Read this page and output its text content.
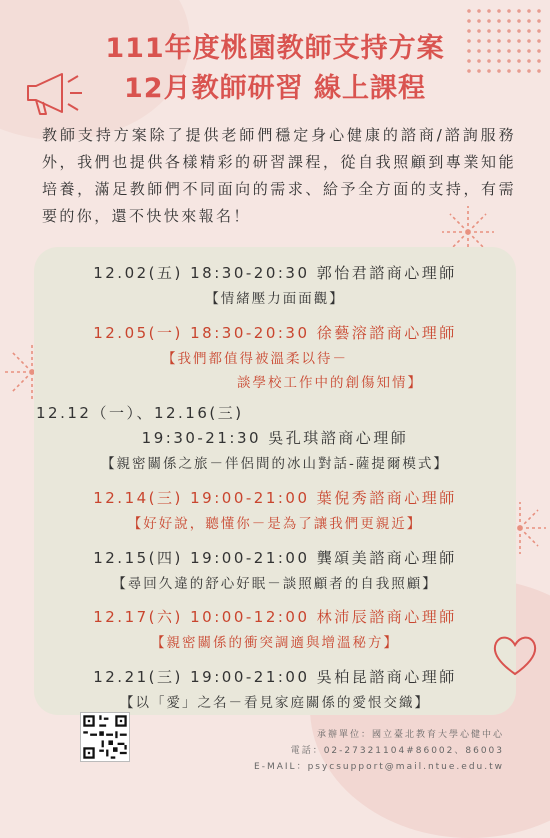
111年度桃園教師支持方案
12月教師研習 線上課程
教師支持方案除了提供老師們穩定身心健康的諮商/諮詢服務外，我們也提供各樣精彩的研習課程，從自我照顧到專業知能培養，滿足教師們不同面向的需求、給予全方面的支持，有需要的你，還不快快來報名！
12.02(五) 18:30-20:30 郭怡君諮商心理師
【情緒壓力面面觀】
12.05(一) 18:30-20:30 徐藝溶諮商心理師
【我們都值得被溫柔以待－
談學校工作中的創傷知情】
12.12（一）、12.16(三)
19:30-21:30 吳孔琪諮商心理師
【親密關係之旅－伴侶間的冰山對話-薩提爾模式】
12.14(三) 19:00-21:00 葉倪秀諮商心理師
【好好說，聽懂你－是為了讓我們更親近】
12.15(四) 19:00-21:00 龔頌美諮商心理師
【尋回久違的舒心好眠－談照顧者的自我照顧】
12.17(六) 10:00-12:00 林沛辰諮商心理師
【親密關係的衝突調適與增溫秘方】
12.21(三) 19:00-21:00 吳柏昆諮商心理師
【以「愛」之名－看見家庭關係的愛恨交織】
承辦單位：國立臺北教育大學心健中心
電話：02-27321104#86002、86003
E-MAIL：psycsupport@mail.ntue.edu.tw
